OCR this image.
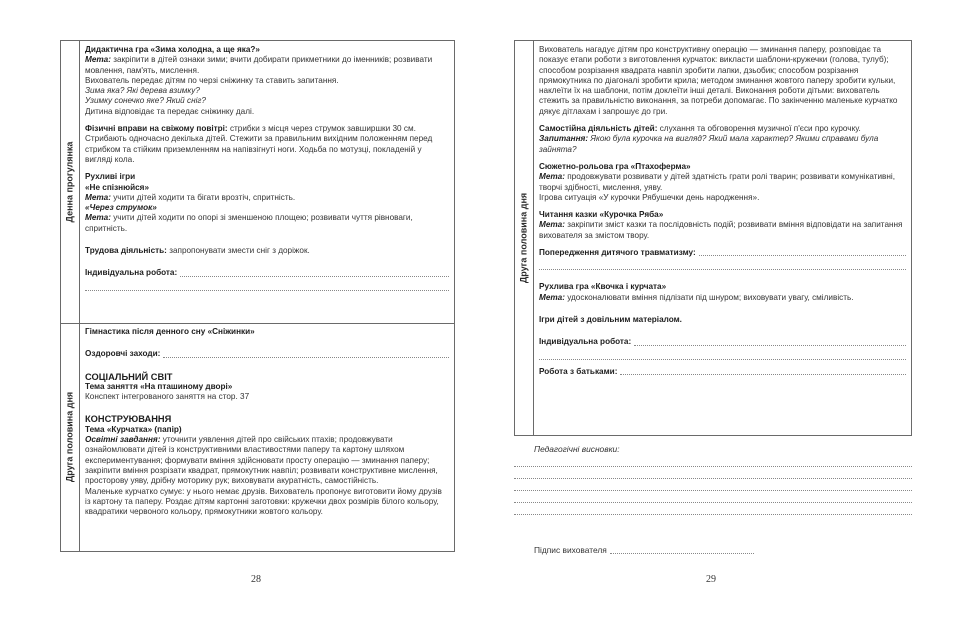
Денна прогулянка
Друга половина дня

Дидактична гра «Зима холодна, а ще яка?»

Мета: закріпити в дітей ознаки зими; вчити добирати прикметники до іменників; розвивати мовлення, пам'ять, мислення.

Вихователь передає дітям по черзі сніжинку та ставить запитання.

Зима яка? Які дерева взимку?

Узимку сонечко яке? Який сніг?

Дитина відповідає та передає сніжинку далі.

Фізичні вправи на свіжому повітрі: стрибки з місця через струмок завширшки 30 см. Стрибають одночасно декілька дітей. Стежити за правильним вихідним положенням перед стрибком та стійким приземленням на напівзігнуті ноги. Ходьба по мотузці, покладеній у вигляді кола.

Рухливі ігри

«Не спізнюйся»

Мета: учити дітей ходити та бігати врозтіч, спритність.

«Через струмок»

Мета: учити дітей ходити по опорі зі зменшеною площею; розвивати чуття рівноваги, спритність.

Трудова діяльність: запропонувати змести сніг з доріжок.

Індивідуальна робота:

Гімнастика після денного сну «Сніжинки»

Оздоровчі заходи:

СОЦІАЛЬНИЙ СВІТ

Тема заняття «На пташиному дворі»

Конспект інтегрованого заняття на стор. 37

КОНСТРУЮВАННЯ

Тема «Курчатка» (папір)

Освітні завдання: уточнити уявлення дітей про свійських птахів; продовжувати ознайомлювати дітей із конструктивними властивостями паперу та картону шляхом експериментування; формувати вміння здійснювати просту операцію — зминання паперу; закріпити вміння розрізати квадрат, прямокутник навпіл; розвивати конструктивне мислення, просторову уяву, дрібну моторику рук; виховувати акуратність, самостійність.

Маленьке курчатко сумує: у нього немає друзів. Вихователь пропонує виготовити йому друзів із картону та паперу. Роздає дітям картонні заготовки: кружечки двох розмірів білого кольору, квадратики червоного кольору, прямокутники жовтого кольору.

28
Друга половина дня

Вихователь нагадує дітям про конструктивну операцію — зминання паперу, розповідає та показує етапи роботи з виготовлення курчаток: викласти шаблони-кружечки (голова, тулуб); способом розрізання квадрата навпіл зробити лапки, дзьобик; способом розрізання прямокутника по діагоналі зробити крила; методом зминання жовтого паперу зробити кульки, наклеїти їх на шаблони, потім доклеїти інші деталі. Виконання роботи дітьми: вихователь стежить за правильністю виконання, за потреби допомагає. По закінченню маленьке курчатко дякує дітлахам і запрошує до гри.

Самостійна діяльність дітей: слухання та обговорення музичної п'єси про курочку.

Запитання: Якою була курочка на вигляд? Який мала характер? Якими справами була зайнята?

Сюжетно-рольова гра «Птахоферма»

Мета: продовжувати розвивати у дітей здатність грати ролі тварин; розвивати комунікативні, творчі здібності, мислення, уяву.

Ігрова ситуація «У курочки Рябушечки день народження».

Читання казки «Курочка Ряба»

Мета: закріпити зміст казки та послідовність подій; розвивати вміння відповідати на запитання вихователя за змістом твору.

Попередження дитячого травматизму:

Рухлива гра «Квочка і курчата»

Мета: удосконалювати вміння підлізати під шнуром; виховувати увагу, сміливість.

Ігри дітей з довільним матеріалом.

Індивідуальна робота:
Робота з батьками:
Педагогічні висновки:
Підпис вихователя
29
